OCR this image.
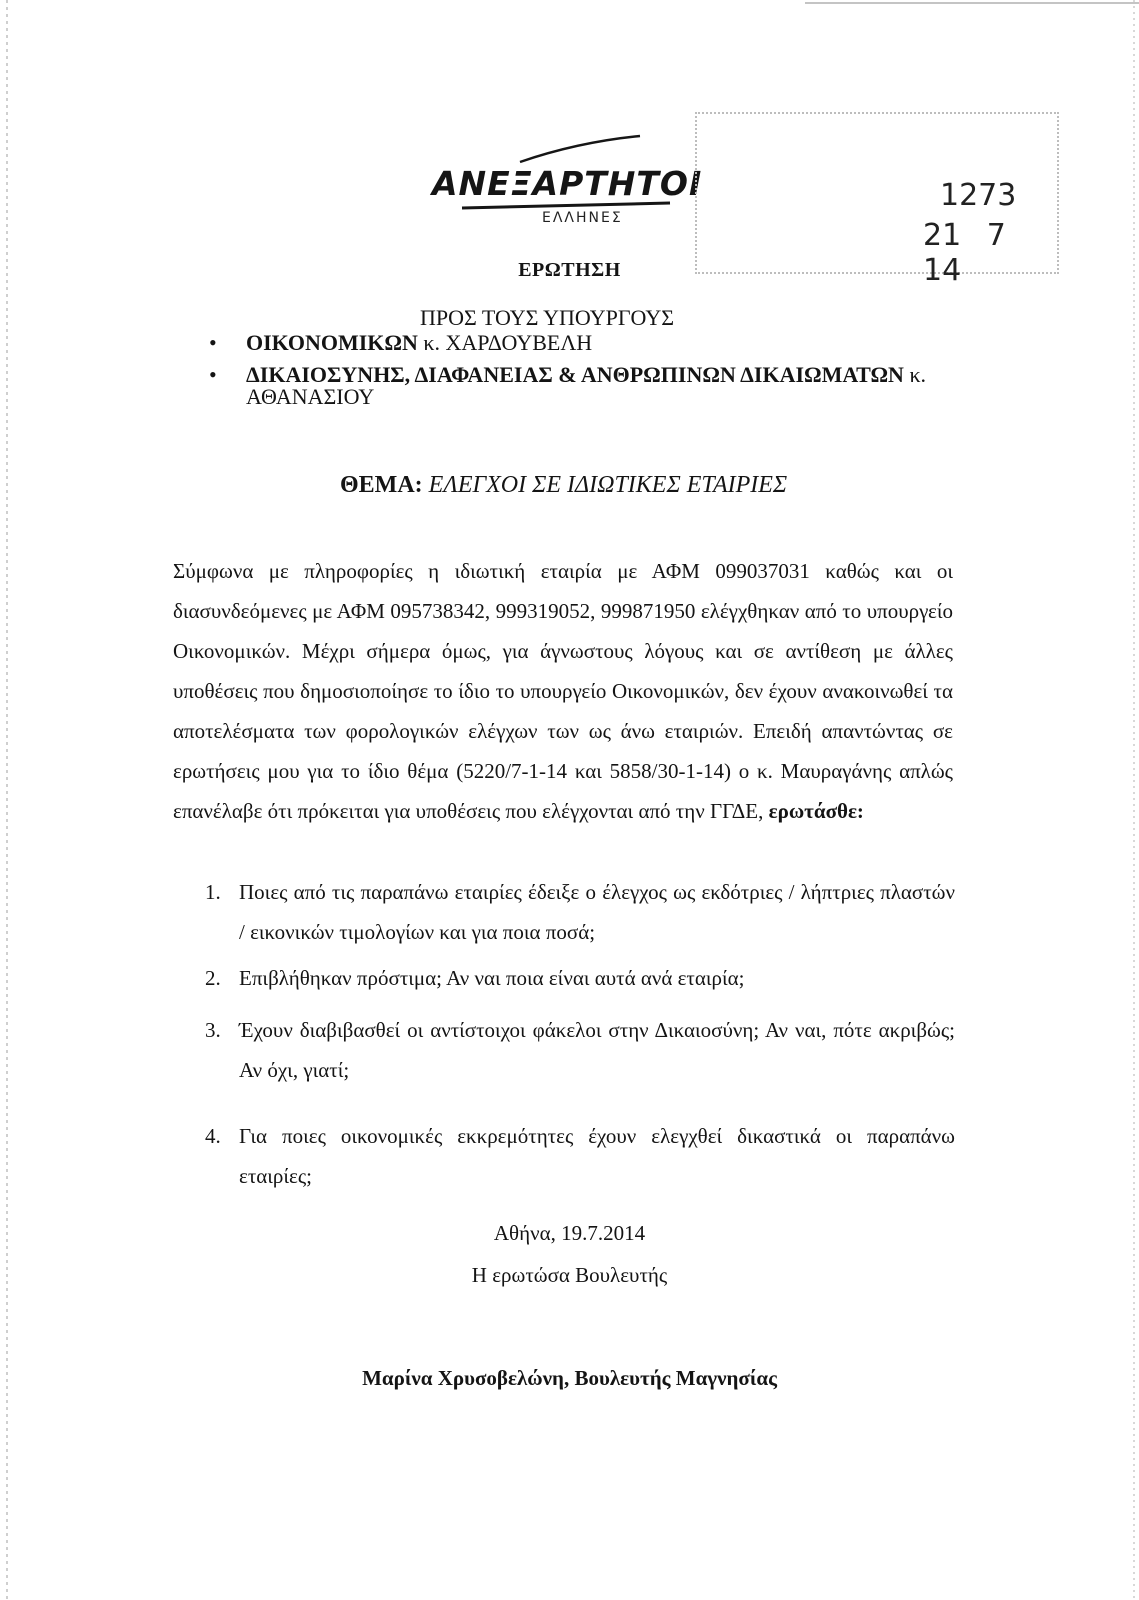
ΑΝΕΞΑΡΤΗΤΟΙ
ΕΛΛΗΝΕΣ
1273
21 7 14
ΕΡΩΤΗΣΗ
ΠΡΟΣ ΤΟΥΣ ΥΠΟΥΡΓΟΥΣ
• ΟΙΚΟΝΟΜΙΚΩΝ κ. ΧΑΡΔΟΥΒΕΛΗ
• ΔΙΚΑΙΟΣΥΝΗΣ, ΔΙΑΦΑΝΕΙΑΣ & ΑΝΘΡΩΠΙΝΩΝ ΔΙΚΑΙΩΜΑΤΩΝ κ.
ΑΘΑΝΑΣΙΟΥ
ΘΕΜΑ: ΕΛΕΓΧΟΙ ΣΕ ΙΔΙΩΤΙΚΕΣ ΕΤΑΙΡΙΕΣ
Σύμφωνα με πληροφορίες η ιδιωτική εταιρία με ΑΦΜ 099037031 καθώς και οι διασυνδεόμενες με ΑΦΜ 095738342, 999319052, 999871950 ελέγχθηκαν από το υπουργείο Οικονομικών. Μέχρι σήμερα όμως, για άγνωστους λόγους και σε αντίθεση με άλλες υποθέσεις που δημοσιοποίησε το ίδιο το υπουργείο Οικονομικών, δεν έχουν ανακοινωθεί τα αποτελέσματα των φορολογικών ελέγχων των ως άνω εταιριών. Επειδή απαντώντας σε ερωτήσεις μου για το ίδιο θέμα (5220/7-1-14 και 5858/30-1-14) ο κ. Μαυραγάνης απλώς επανέλαβε ότι πρόκειται για υποθέσεις που ελέγχονται από την ΓΓΔΕ, ερωτάσθε:
1. Ποιες από τις παραπάνω εταιρίες έδειξε ο έλεγχος ως εκδότριες / λήπτριες πλαστών / εικονικών τιμολογίων και για ποια ποσά;
2. Επιβλήθηκαν πρόστιμα; Αν ναι ποια είναι αυτά ανά εταιρία;
3. Έχουν διαβιβασθεί οι αντίστοιχοι φάκελοι στην Δικαιοσύνη; Αν ναι, πότε ακριβώς; Αν όχι, γιατί;
4. Για ποιες οικονομικές εκκρεμότητες έχουν ελεγχθεί δικαστικά οι παραπάνω εταιρίες;
Αθήνα, 19.7.2014
Η ερωτώσα Βουλευτής
Μαρίνα Χρυσοβελώνη, Βουλευτής Μαγνησίας
